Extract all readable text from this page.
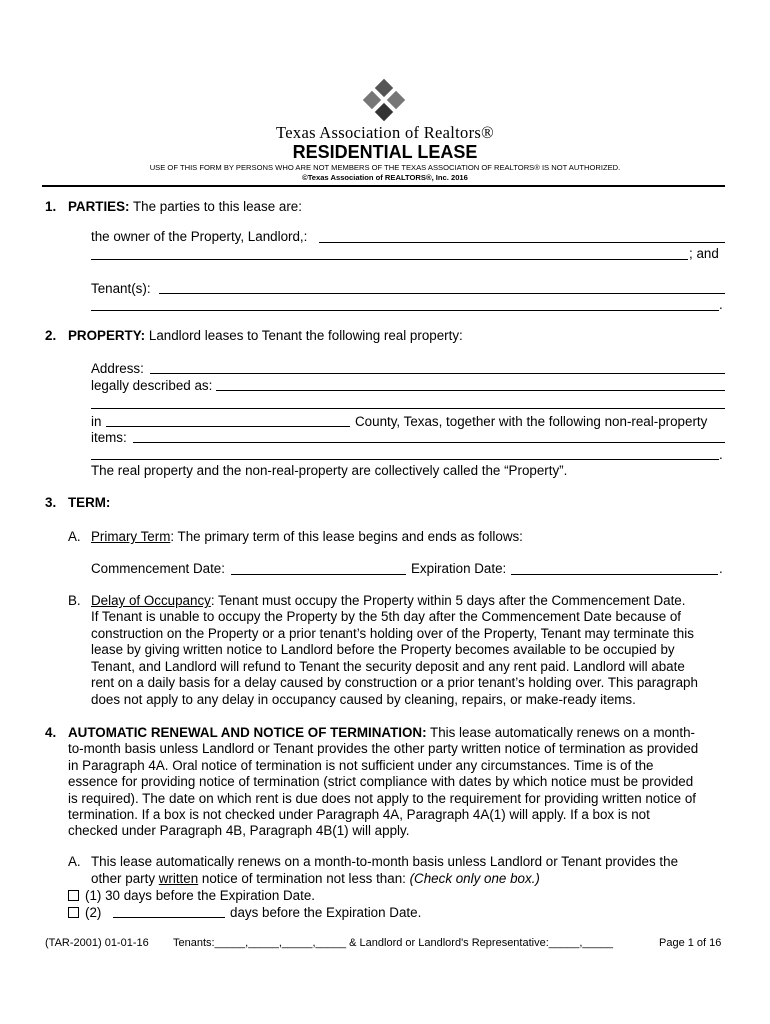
Texas Association of Realtors®
RESIDENTIAL LEASE
USE OF THIS FORM BY PERSONS WHO ARE NOT MEMBERS OF THE TEXAS ASSOCIATION OF REALTORS® IS NOT AUTHORIZED.
©Texas Association of REALTORS®, Inc. 2016
1. PARTIES: The parties to this lease are:
the owner of the Property, Landlord,:
; and
Tenant(s):
.
2. PROPERTY: Landlord leases to Tenant the following real property:
Address:
legally described as:
in	County, Texas, together with the following non-real-property
items:
.
The real property and the non-real-property are collectively called the “Property”.
3. TERM:
A. Primary Term: The primary term of this lease begins and ends as follows:
Commencement Date:	Expiration Date:	.
B. Delay of Occupancy: Tenant must occupy the Property within 5 days after the Commencement Date.
If Tenant is unable to occupy the Property by the 5th day after the Commencement Date because of
construction on the Property or a prior tenant’s holding over of the Property, Tenant may terminate this
lease by giving written notice to Landlord before the Property becomes available to be occupied by
Tenant, and Landlord will refund to Tenant the security deposit and any rent paid. Landlord will abate
rent on a daily basis for a delay caused by construction or a prior tenant’s holding over. This paragraph
does not apply to any delay in occupancy caused by cleaning, repairs, or make-ready items.
4. AUTOMATIC RENEWAL AND NOTICE OF TERMINATION: This lease automatically renews on a month-
to-month basis unless Landlord or Tenant provides the other party written notice of termination as provided
in Paragraph 4A. Oral notice of termination is not sufficient under any circumstances. Time is of the
essence for providing notice of termination (strict compliance with dates by which notice must be provided
is required). The date on which rent is due does not apply to the requirement for providing written notice of
termination. If a box is not checked under Paragraph 4A, Paragraph 4A(1) will apply. If a box is not
checked under Paragraph 4B, Paragraph 4B(1) will apply.
A. This lease automatically renews on a month-to-month basis unless Landlord or Tenant provides the
other party written notice of termination not less than: (Check only one box.)
(1) 30 days before the Expiration Date.
(2)	days before the Expiration Date.
(TAR-2001) 01-01-16 Tenants:_____,_____,_____,_____ & Landlord or Landlord's Representative:_____,_____	Page 1 of 16
